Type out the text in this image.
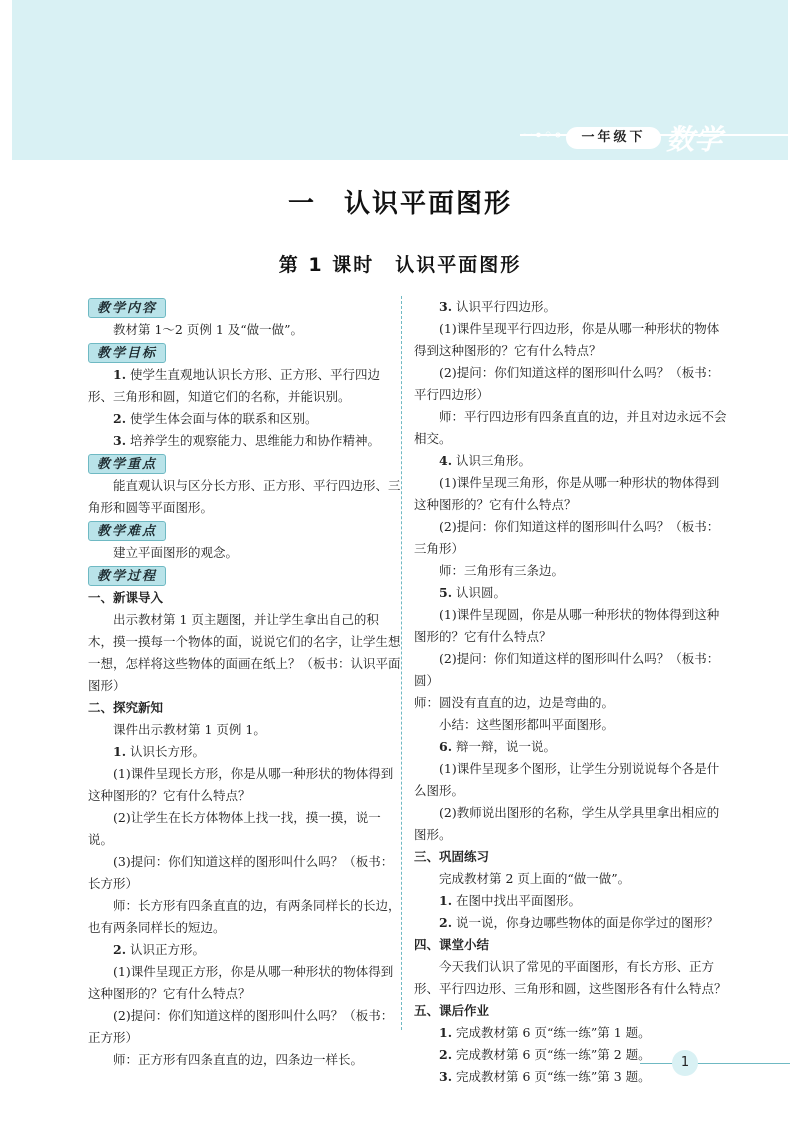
~∙◦∘	一年级下 数学
一　认识平面图形
第 1 课时　认识平面图形
教学内容
教材第 1～2 页例 1 及“做一做”。
教学目标
1. 使学生直观地认识长方形、正方形、平行四边形、三角形和圆，知道它们的名称，并能识别。
2. 使学生体会面与体的联系和区别。
3. 培养学生的观察能力、思维能力和协作精神。
教学重点
能直观认识与区分长方形、正方形、平行四边形、三角形和圆等平面图形。
教学难点
建立平面图形的观念。
教学过程
一、新课导入
出示教材第 1 页主题图，并让学生拿出自己的积木，摸一摸每一个物体的面，说说它们的名字，让学生想一想，怎样将这些物体的面画在纸上？（板书：认识平面图形）
二、探究新知
课件出示教材第 1 页例 1。
1. 认识长方形。
(1)课件呈现长方形，你是从哪一种形状的物体得到这种图形的？它有什么特点？
(2)让学生在长方体物体上找一找，摸一摸，说一说。
(3)提问：你们知道这样的图形叫什么吗？（板书：长方形）
师：长方形有四条直直的边，有两条同样长的长边，也有两条同样长的短边。
2. 认识正方形。
(1)课件呈现正方形，你是从哪一种形状的物体得到这种图形的？它有什么特点？
(2)提问：你们知道这样的图形叫什么吗？（板书：正方形）
师：正方形有四条直直的边，四条边一样长。
3. 认识平行四边形。
(1)课件呈现平行四边形，你是从哪一种形状的物体得到这种图形的？它有什么特点？
(2)提问：你们知道这样的图形叫什么吗？（板书：平行四边形）
师：平行四边形有四条直直的边，并且对边永远不会相交。
4. 认识三角形。
(1)课件呈现三角形，你是从哪一种形状的物体得到这种图形的？它有什么特点？
(2)提问：你们知道这样的图形叫什么吗？（板书：三角形）
师：三角形有三条边。
5. 认识圆。
(1)课件呈现圆，你是从哪一种形状的物体得到这种图形的？它有什么特点？
(2)提问：你们知道这样的图形叫什么吗？（板书：圆）
师：圆没有直直的边，边是弯曲的。
小结：这些图形都叫平面图形。
6. 辩一辩，说一说。
(1)课件呈现多个图形，让学生分别说说每个各是什么图形。
(2)教师说出图形的名称，学生从学具里拿出相应的图形。
三、巩固练习
完成教材第 2 页上面的“做一做”。
1. 在图中找出平面图形。
2. 说一说，你身边哪些物体的面是你学过的图形？
四、课堂小结
今天我们认识了常见的平面图形，有长方形、正方形、平行四边形、三角形和圆，这些图形各有什么特点？
五、课后作业
1. 完成教材第 6 页“练一练”第 1 题。
2. 完成教材第 6 页“练一练”第 2 题。
3. 完成教材第 6 页“练一练”第 3 题。
1
